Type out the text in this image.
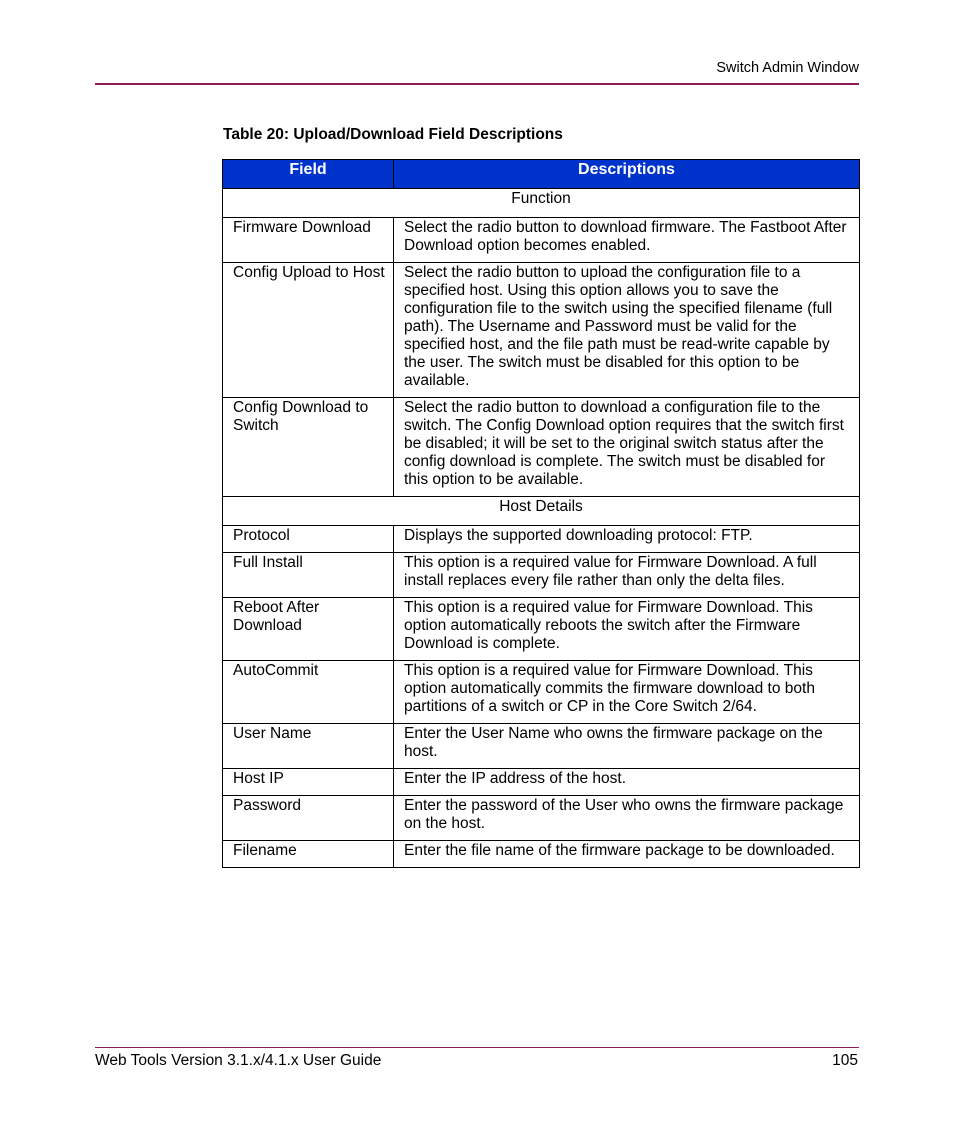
Switch Admin Window
Table 20: Upload/Download Field Descriptions
Field	Descriptions
Function	
Firmware Download	Select the radio button to download firmware. The Fastboot After Download option becomes enabled.
Config Upload to Host	Select the radio button to upload the configuration file to a specified host. Using this option allows you to save the configuration file to the switch using the specified filename (full path). The Username and Password must be valid for the specified host, and the file path must be read-write capable by the user. The switch must be disabled for this option to be available.
Config Download to Switch	Select the radio button to download a configuration file to the switch. The Config Download option requires that the switch first be disabled; it will be set to the original switch status after the config download is complete. The switch must be disabled for this option to be available.
Host Details	
Protocol	Displays the supported downloading protocol: FTP.
Full Install	This option is a required value for Firmware Download. A full install replaces every file rather than only the delta files.
Reboot After Download	This option is a required value for Firmware Download. This option automatically reboots the switch after the Firmware Download is complete.
AutoCommit	This option is a required value for Firmware Download. This option automatically commits the firmware download to both partitions of a switch or CP in the Core Switch 2/64.
User Name	Enter the User Name who owns the firmware package on the host.
Host IP	Enter the IP address of the host.
Password	Enter the password of the User who owns the firmware package on the host.
Filename	Enter the file name of the firmware package to be downloaded.
Web Tools Version 3.1.x/4.1.x User Guide	105
